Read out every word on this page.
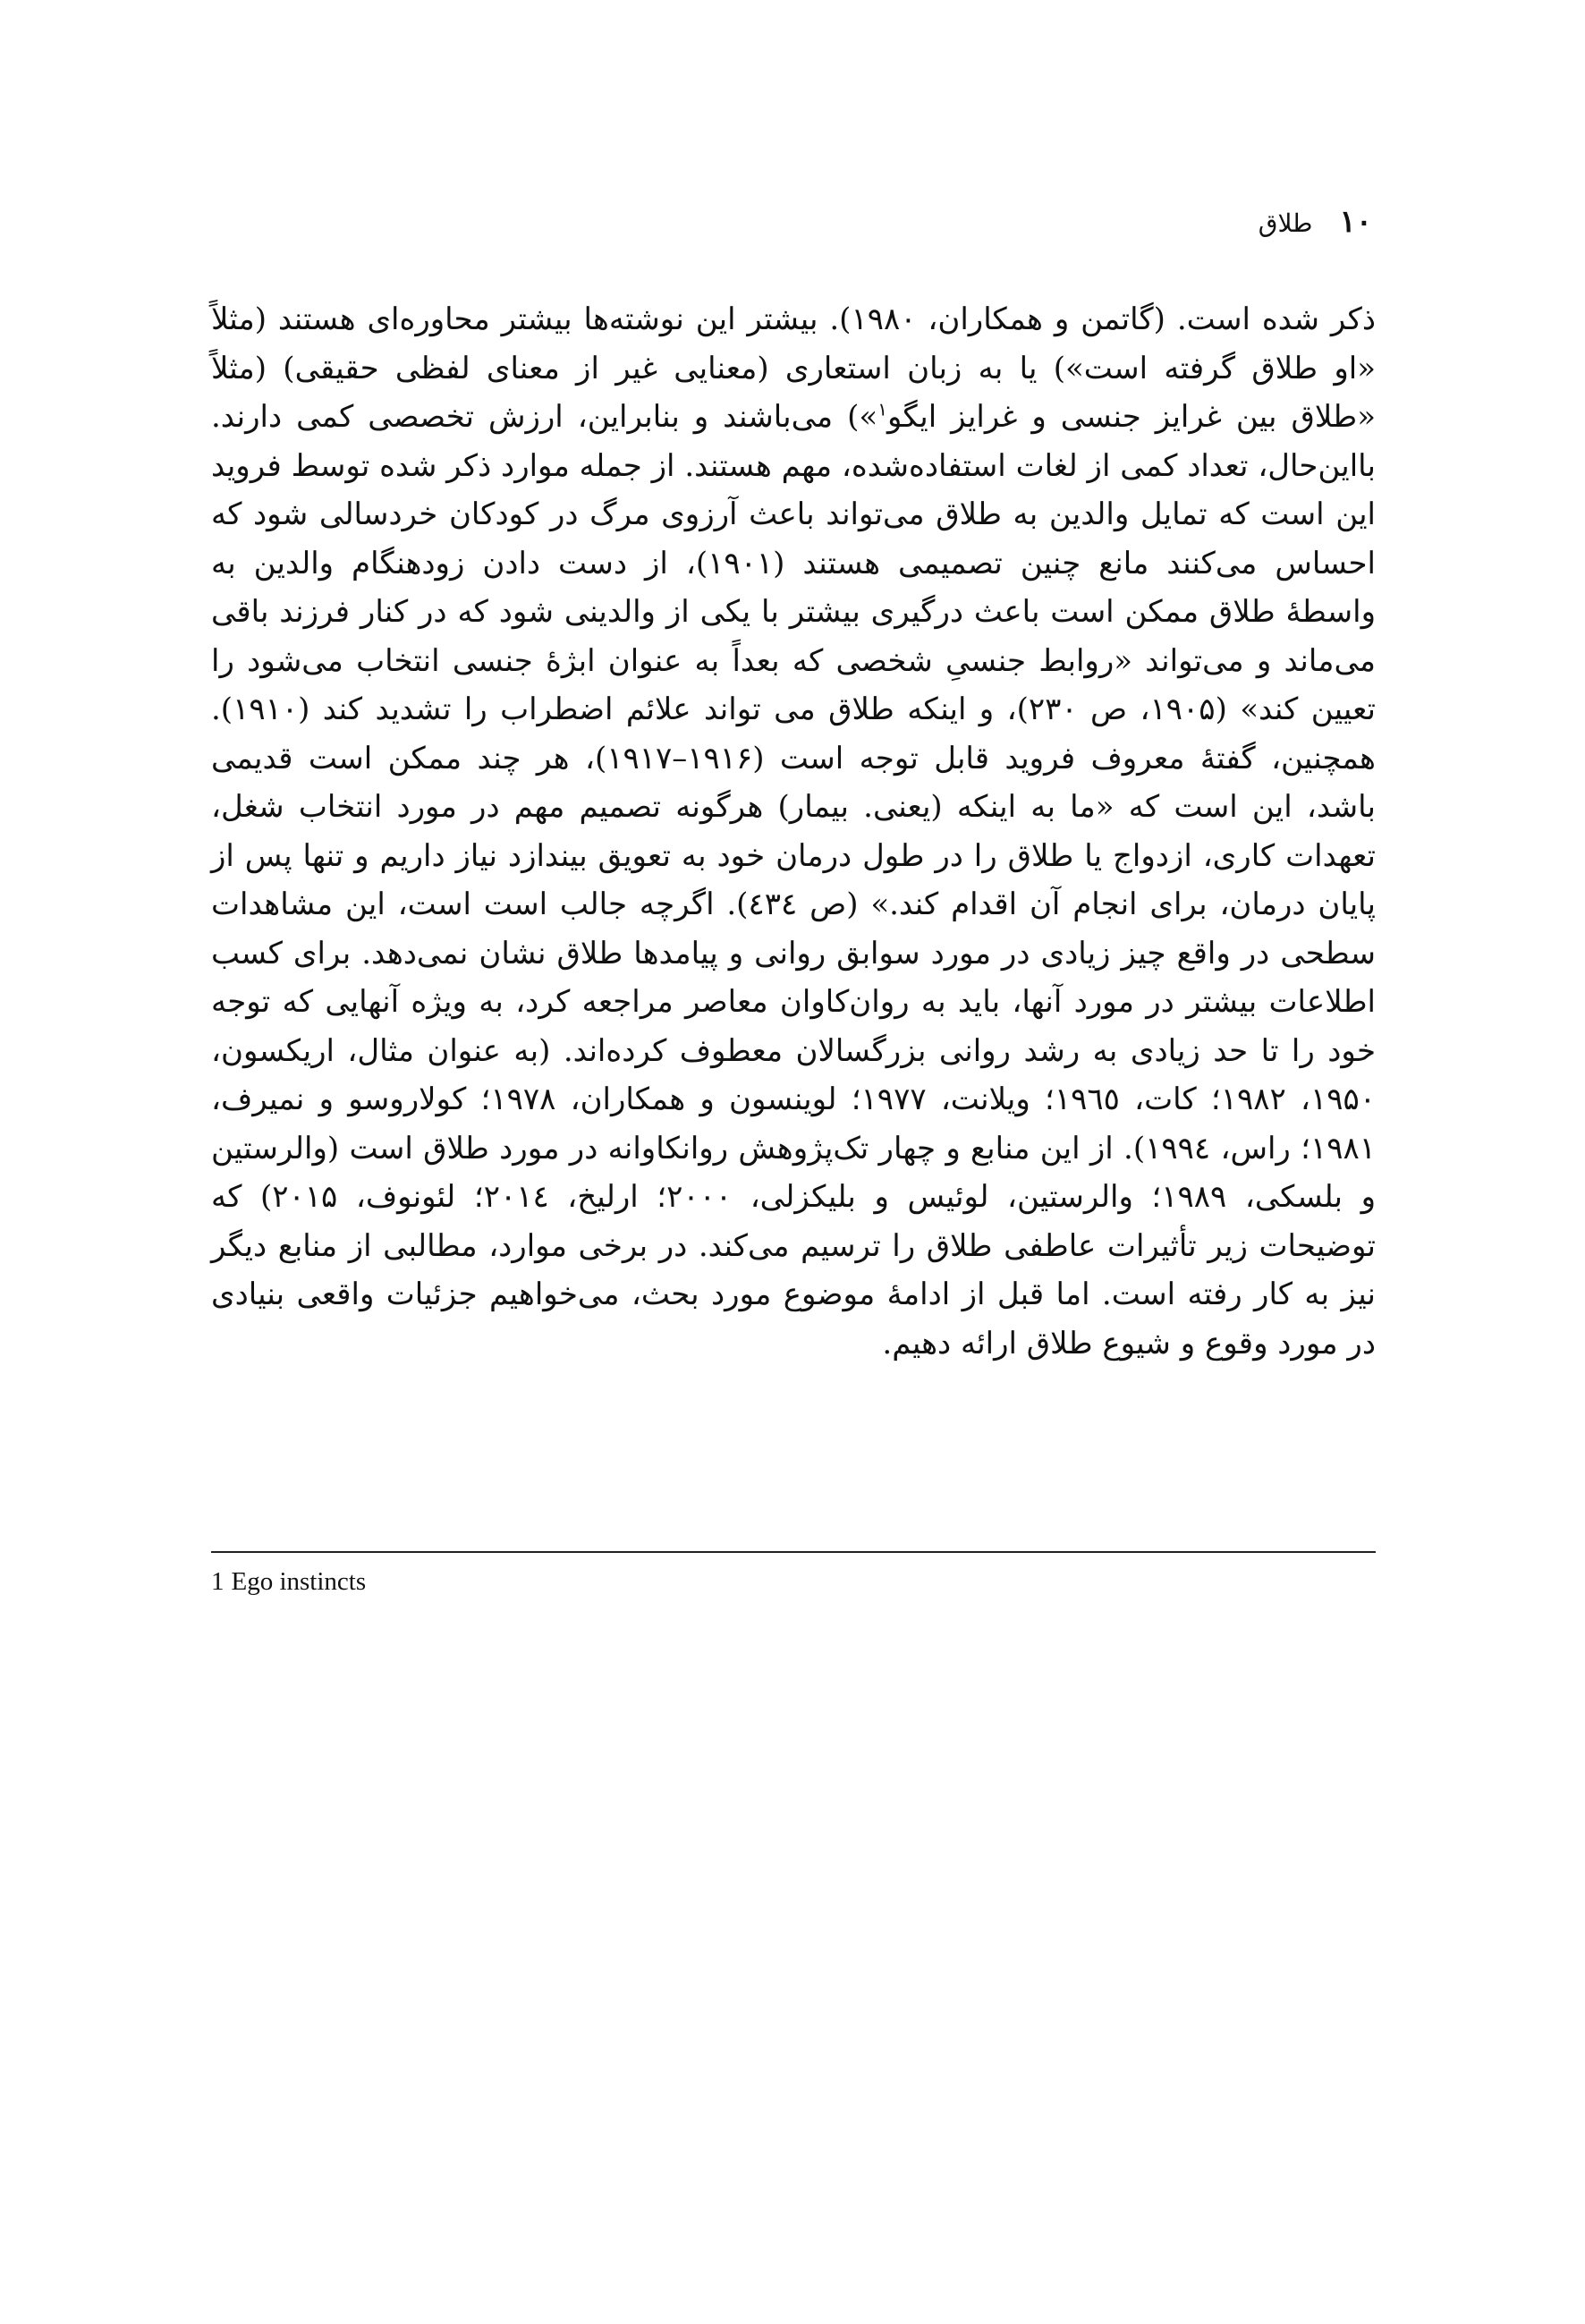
۱۰
طلاق

ذکر شده است. (گاتمن و همکاران، ۱۹۸۰). بیشتر این نوشته‌ها بیشتر محاوره‌ای هستند (مثلاً «او طلاق گرفته است») یا به زبان استعاری (معنایی غیر از معنای لفظی حقیقی) (مثلاً «طلاق بین غرایز جنسی و غرایز ایگو$^۱$») می‌باشند و بنابراین، ارزش تخصصی کمی دارند. بااین‌حال، تعداد کمی از لغات استفاده‌شده، مهم هستند. از جمله موارد ذکر شده توسط فروید این است که تمایل والدین به طلاق می‌تواند باعث آرزوی مرگ در کودکان خردسالی شود که احساس می‌کنند مانع چنین تصمیمی هستند (۱۹۰۱)، از دست دادن زودهنگام والدین به واسطهٔ طلاق ممکن است باعث درگیری بیشتر با یکی از والدینی شود که در کنار فرزند باقی می‌ماند و می‌تواند «روابط جنسیِ شخصی که بعداً به عنوان ابژهٔ جنسی انتخاب می‌شود را تعیین کند» (۱۹۰۵، ص ۲۳۰)، و اینکه طلاق می تواند علائم اضطراب را تشدید کند (۱۹۱۰). همچنین، گفتهٔ معروف فروید قابل توجه است (۱۹۱۶–۱۹۱۷)، هر چند ممکن است قدیمی باشد، این است که «ما به اینکه (یعنی. بیمار) هرگونه تصمیم مهم در مورد انتخاب شغل، تعهدات کاری، ازدواج یا طلاق را در طول درمان خود به تعویق بیندازد نیاز داریم و تنها پس از پایان درمان، برای انجام آن اقدام کند.» (ص ٤٣٤). اگرچه جالب است است، این مشاهدات سطحی در واقع چیز زیادی در مورد سوابق روانی و پیامدها طلاق نشان نمی‌دهد. برای کسب اطلاعات بیشتر در مورد آنها، باید به روان‌کاوان معاصر مراجعه کرد، به ویژه آنهایی که توجه خود را تا حد زیادی به رشد روانی بزرگسالان معطوف کرده‌اند. (به عنوان مثال، اریکسون، ۱۹۵۰، ۱۹۸۲؛ کات، ۱۹٦٥؛ ویلانت، ۱۹۷۷؛ لوینسون و همکاران، ۱۹۷۸؛ کولاروسو و نمیرف، ۱۹۸۱؛ راس، ۱۹۹٤). از این منابع و چهار تک‌پژوهش روانکاوانه در مورد طلاق است (والرستین و بلسکی، ۱۹۸۹؛ والرستین، لوئیس و بلیکزلی، ۲۰۰۰؛ ارلیخ، ۲۰۱٤؛ لئونوف، ۲۰۱۵) که توضیحات زیر تأثیرات عاطفی طلاق را ترسیم می‌کند. در برخی موارد، مطالبی از منابع دیگر نیز به کار رفته است. اما قبل از ادامهٔ موضوع مورد بحث، می‌خواهیم جزئیات واقعی بنیادی در مورد وقوع و شیوع طلاق ارائه دهیم.

1 Ego instincts
